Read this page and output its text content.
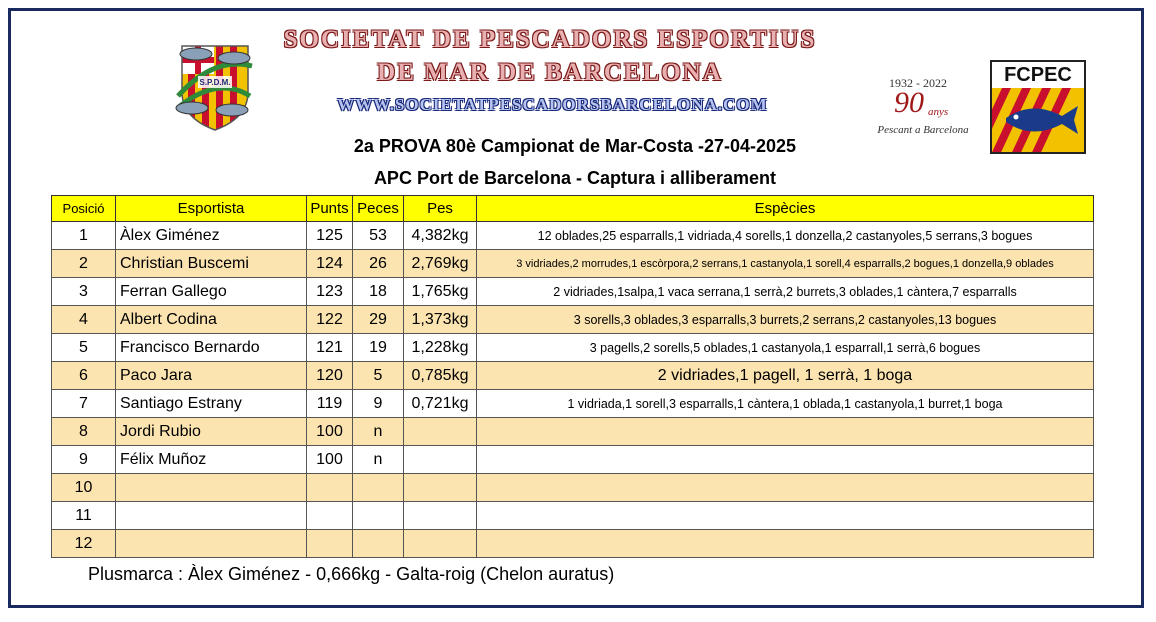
S.P.D.M.
SOCIETAT DE PESCADORS ESPORTIUS
DE MAR DE BARCELONA
WWW.SOCIETATPESCADORSBARCELONA.COM
2a PROVA 80è Campionat de Mar-Costa -27-04-2025
APC Port de Barcelona - Captura i alliberament
1932 - 2022
90 anys
Pescant a Barcelona
FCPEC
Posició	Esportista	Punts	Peces	Pes	Espècies
1	Àlex Giménez	125	53	4,382kg	12 oblades,25 esparralls,1 vidriada,4 sorells,1 donzella,2 castanyoles,5 serrans,3 bogues
2	Christian Buscemi	124	26	2,769kg	3 vidriades,2 morrudes,1 escòrpora,2 serrans,1 castanyola,1 sorell,4 esparralls,2 bogues,1 donzella,9 oblades
3	Ferran Gallego	123	18	1,765kg	2 vidriades,1salpa,1 vaca serrana,1 serrà,2 burrets,3 oblades,1 càntera,7 esparralls
4	Albert Codina	122	29	1,373kg	3 sorells,3 oblades,3 esparralls,3 burrets,2 serrans,2 castanyoles,13 bogues
5	Francisco Bernardo	121	19	1,228kg	3 pagells,2 sorells,5 oblades,1 castanyola,1 esparrall,1 serrà,6 bogues
6	Paco Jara	120	5	0,785kg	2 vidriades,1 pagell, 1 serrà, 1 boga
7	Santiago Estrany	119	9	0,721kg	1 vidriada,1 sorell,3 esparralls,1 càntera,1 oblada,1 castanyola,1 burret,1 boga
8	Jordi Rubio	100	n		
9	Félix Muñoz	100	n		
10					
11					
12					
Plusmarca : Àlex Giménez - 0,666kg - Galta-roig (Chelon auratus)
